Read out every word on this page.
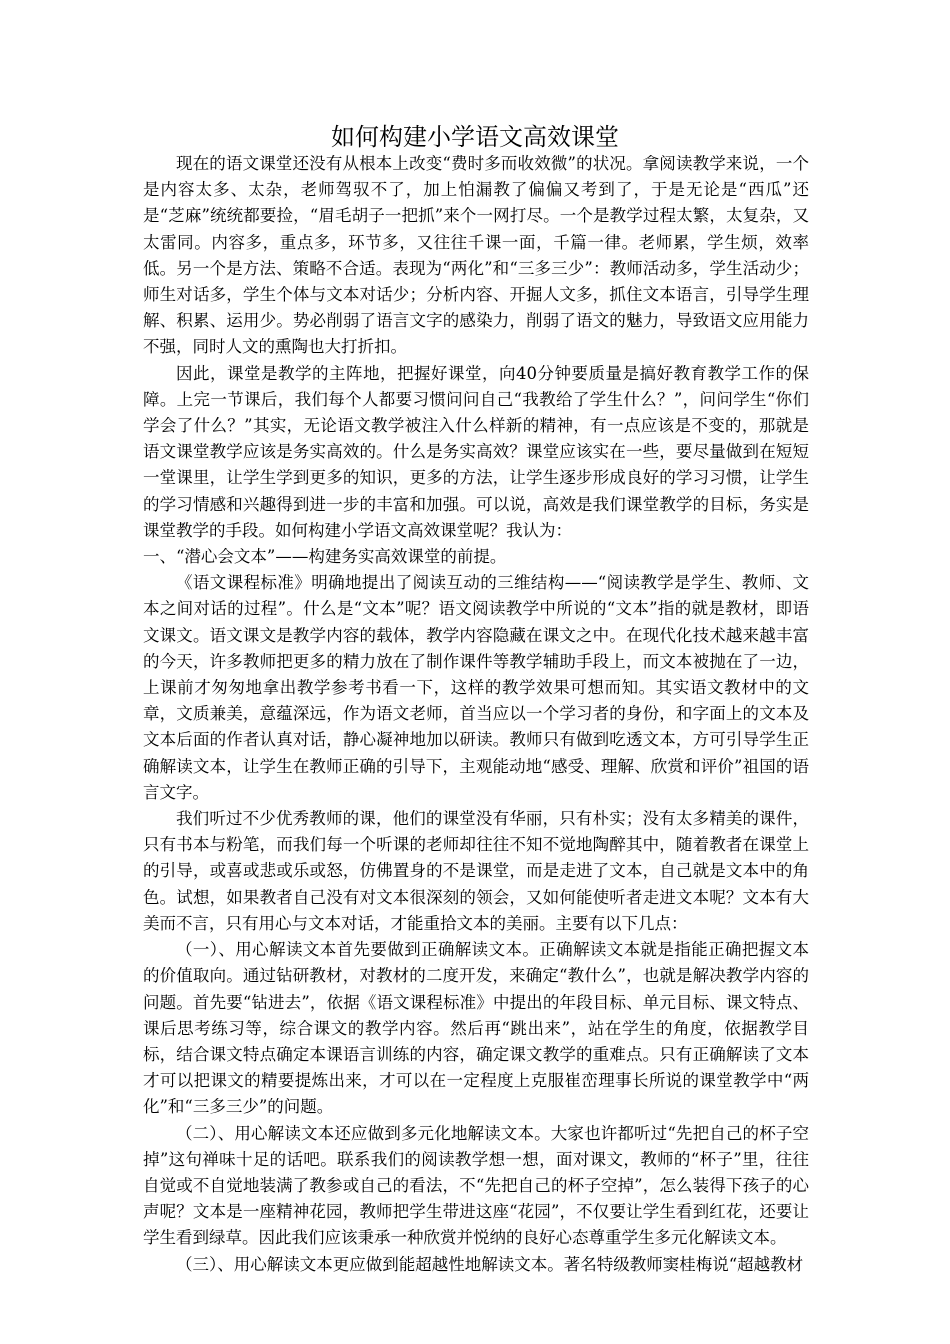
如何构建小学语文高效课堂

现在的语文课堂还没有从根本上改变“费时多而收效微”的状况。拿阅读教学来说，一个是内容太多、太杂，老师驾驭不了，加上怕漏教了偏偏又考到了，于是无论是“西瓜”还是“芝麻”统统都要捡，“眉毛胡子一把抓”来个一网打尽。一个是教学过程太繁，太复杂，又太雷同。内容多，重点多，环节多，又往往千课一面，千篇一律。老师累，学生烦，效率低。另一个是方法、策略不合适。表现为“两化”和“三多三少”：教师活动多，学生活动少；师生对话多，学生个体与文本对话少；分析内容、开掘人文多，抓住文本语言，引导学生理解、积累、运用少。势必削弱了语言文字的感染力，削弱了语文的魅力，导致语文应用能力不强，同时人文的熏陶也大打折扣。

因此，课堂是教学的主阵地，把握好课堂，向40分钟要质量是搞好教育教学工作的保障。上完一节课后，我们每个人都要习惯问问自己“我教给了学生什么？”，问问学生“你们学会了什么？”其实，无论语文教学被注入什么样新的精神，有一点应该是不变的，那就是语文课堂教学应该是务实高效的。什么是务实高效？课堂应该实在一些，要尽量做到在短短一堂课里，让学生学到更多的知识，更多的方法，让学生逐步形成良好的学习习惯，让学生的学习情感和兴趣得到进一步的丰富和加强。可以说，高效是我们课堂教学的目标，务实是课堂教学的手段。如何构建小学语文高效课堂呢？我认为：

一、“潜心会文本”——构建务实高效课堂的前提。

《语文课程标准》明确地提出了阅读互动的三维结构——“阅读教学是学生、教师、文本之间对话的过程”。什么是“文本”呢？语文阅读教学中所说的“文本”指的就是教材，即语文课文。语文课文是教学内容的载体，教学内容隐藏在课文之中。在现代化技术越来越丰富的今天，许多教师把更多的精力放在了制作课件等教学辅助手段上，而文本被抛在了一边，上课前才匆匆地拿出教学参考书看一下，这样的教学效果可想而知。其实语文教材中的文章，文质兼美，意蕴深远，作为语文老师，首当应以一个学习者的身份，和字面上的文本及文本后面的作者认真对话，静心凝神地加以研读。教师只有做到吃透文本，方可引导学生正确解读文本，让学生在教师正确的引导下，主观能动地“感受、理解、欣赏和评价”祖国的语言文字。

我们听过不少优秀教师的课，他们的课堂没有华丽，只有朴实；没有太多精美的课件，只有书本与粉笔，而我们每一个听课的老师却往往不知不觉地陶醉其中，随着教者在课堂上的引导，或喜或悲或乐或怒，仿佛置身的不是课堂，而是走进了文本，自己就是文本中的角色。试想，如果教者自己没有对文本很深刻的领会，又如何能使听者走进文本呢？文本有大美而不言，只有用心与文本对话，才能重拾文本的美丽。主要有以下几点：

（一）、用心解读文本首先要做到正确解读文本。正确解读文本就是指能正确把握文本的价值取向。通过钻研教材，对教材的二度开发，来确定“教什么”，也就是解决教学内容的问题。首先要“钻进去”，依据《语文课程标准》中提出的年段目标、单元目标、课文特点、课后思考练习等，综合课文的教学内容。然后再“跳出来”，站在学生的角度，依据教学目标，结合课文特点确定本课语言训练的内容，确定课文教学的重难点。只有正确解读了文本才可以把课文的精要提炼出来，才可以在一定程度上克服崔峦理事长所说的课堂教学中“两化”和“三多三少”的问题。

（二）、用心解读文本还应做到多元化地解读文本。大家也许都听过“先把自己的杯子空掉”这句禅味十足的话吧。联系我们的阅读教学想一想，面对课文，教师的“杯子”里，往往自觉或不自觉地装满了教参或自己的看法，不“先把自己的杯子空掉”，怎么装得下孩子的心声呢？文本是一座精神花园，教师把学生带进这座“花园”，不仅要让学生看到红花，还要让学生看到绿草。因此我们应该秉承一种欣赏并悦纳的良好心态尊重学生多元化解读文本。

（三）、用心解读文本更应做到能超越性地解读文本。著名特级教师窦桂梅说“超越教材
